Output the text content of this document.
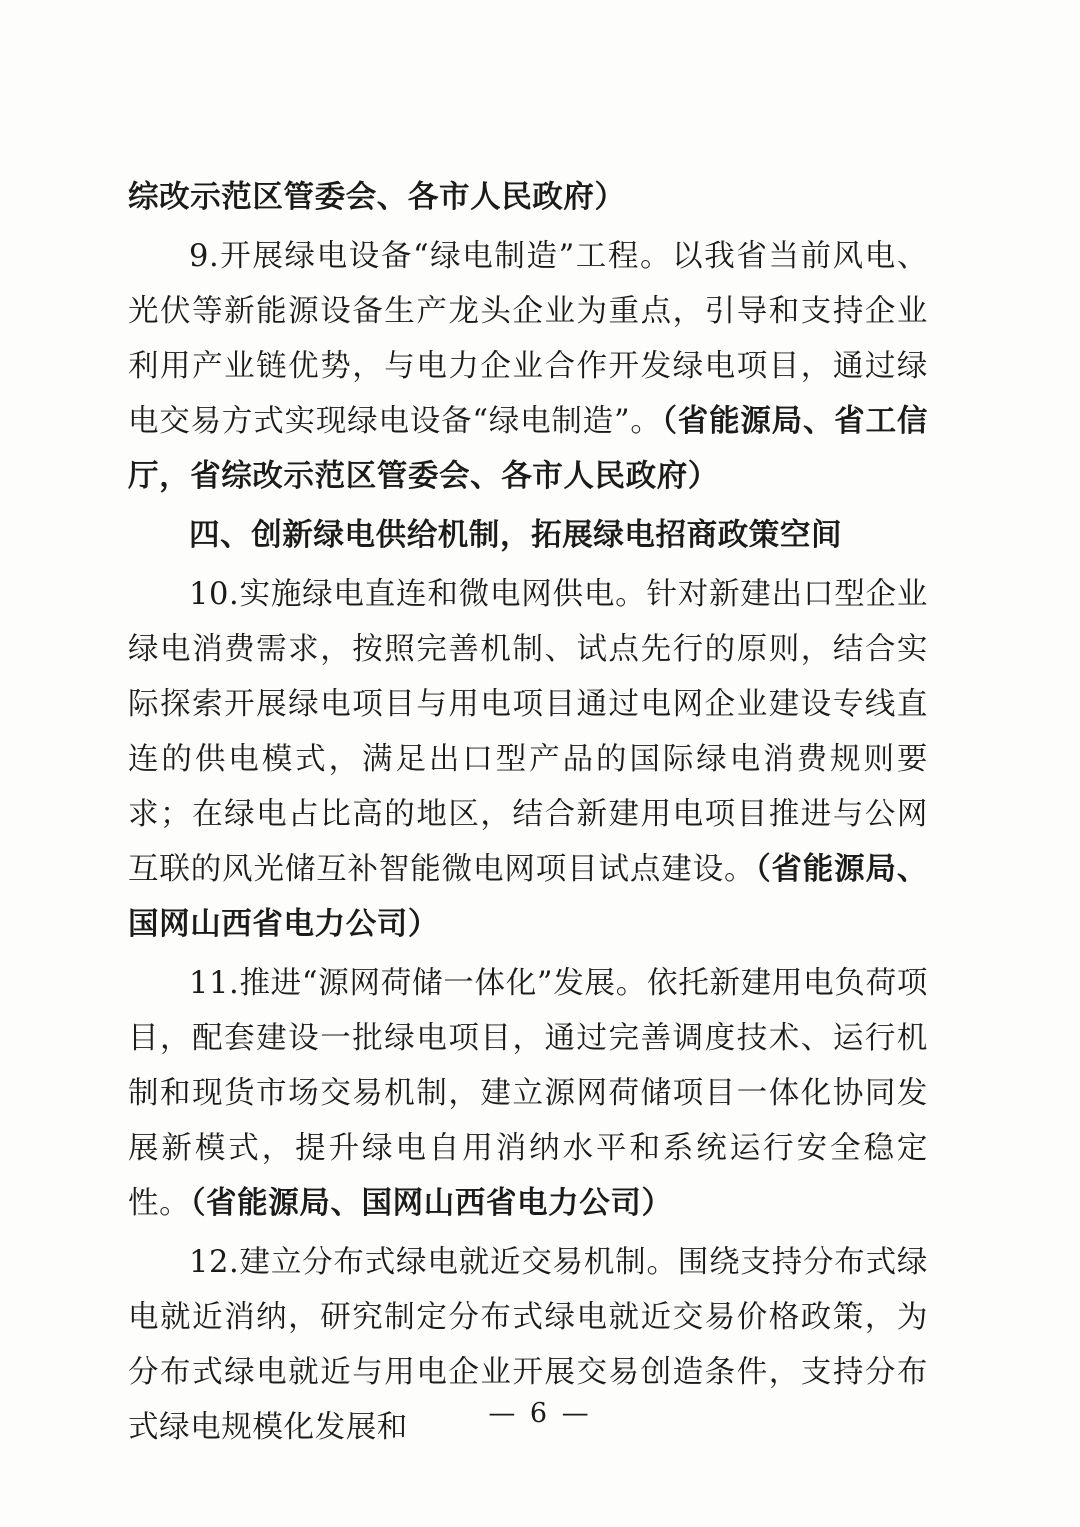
综改示范区管委会、各市人民政府）

9.开展绿电设备“绿电制造”工程。以我省当前风电、光伏等新能源设备生产龙头企业为重点，引导和支持企业利用产业链优势，与电力企业合作开发绿电项目，通过绿电交易方式实现绿电设备“绿电制造”。（省能源局、省工信厅，省综改示范区管委会、各市人民政府）

四、创新绿电供给机制，拓展绿电招商政策空间

10.实施绿电直连和微电网供电。针对新建出口型企业绿电消费需求，按照完善机制、试点先行的原则，结合实际探索开展绿电项目与用电项目通过电网企业建设专线直连的供电模式，满足出口型产品的国际绿电消费规则要求；在绿电占比高的地区，结合新建用电项目推进与公网互联的风光储互补智能微电网项目试点建设。（省能源局、国网山西省电力公司）

11.推进“源网荷储一体化”发展。依托新建用电负荷项目，配套建设一批绿电项目，通过完善调度技术、运行机制和现货市场交易机制，建立源网荷储项目一体化协同发展新模式，提升绿电自用消纳水平和系统运行安全稳定性。（省能源局、国网山西省电力公司）

12.建立分布式绿电就近交易机制。围绕支持分布式绿电就近消纳，研究制定分布式绿电就近交易价格政策，为分布式绿电就近与用电企业开展交易创造条件，支持分布式绿电规模化发展和	— 6 —
